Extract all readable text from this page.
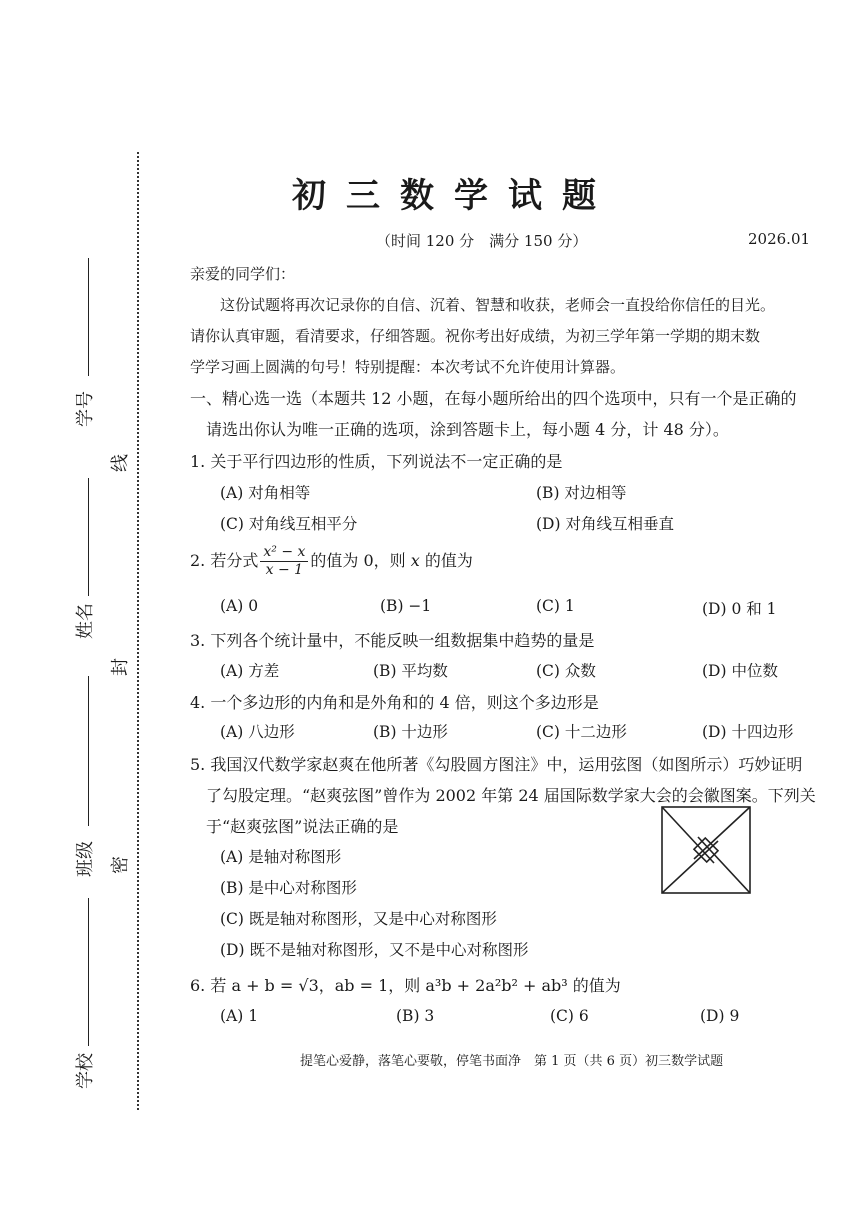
学号
姓名
班级
学校
线
封
密
初三数学试题
（时间 120 分　满分 150 分）	2026.01
亲爱的同学们：
这份试题将再次记录你的自信、沉着、智慧和收获，老师会一直投给你信任的目光。
请你认真审题，看清要求，仔细答题。祝你考出好成绩，为初三学年第一学期的期末数
学学习画上圆满的句号！特别提醒：本次考试不允许使用计算器。
一、精心选一选（本题共 12 小题，在每小题所给出的四个选项中，只有一个是正确的
请选出你认为唯一正确的选项，涂到答题卡上，每小题 4 分，计 48 分）。
1. 关于平行四边形的性质，下列说法不一定正确的是
(A) 对角相等	(B) 对边相等
(C) 对角线互相平分	(D) 对角线互相垂直
2. 若分式 $\frac{\text{x² − x}}{x - 1}$ 的值为 0，则 x 的值为
(A) 0	(B) −1	(C) 1	(D) 0 和 1
3. 下列各个统计量中，不能反映一组数据集中趋势的量是
(A) 方差	(B) 平均数	(C) 众数	(D) 中位数
4. 一个多边形的内角和是外角和的 4 倍，则这个多边形是
(A) 八边形	(B) 十边形	(C) 十二边形	(D) 十四边形
5. 我国汉代数学家赵爽在他所著《勾股圆方图注》中，运用弦图（如图所示）巧妙证明
了勾股定理。“赵爽弦图”曾作为 2002 年第 24 届国际数学家大会的会徽图案。下列关
于“赵爽弦图”说法正确的是
(A) 是轴对称图形
(B) 是中心对称图形
(C) 既是轴对称图形，又是中心对称图形
(D) 既不是轴对称图形，又不是中心对称图形
6. 若 a + b = √3，ab = 1，则 a³b + 2a²b² + ab³ 的值为
(A) 1	(B) 3	(C) 6	(D) 9
提笔心爱静，落笔心要敬，停笔书面净　第 1 页（共 6 页）初三数学试题
